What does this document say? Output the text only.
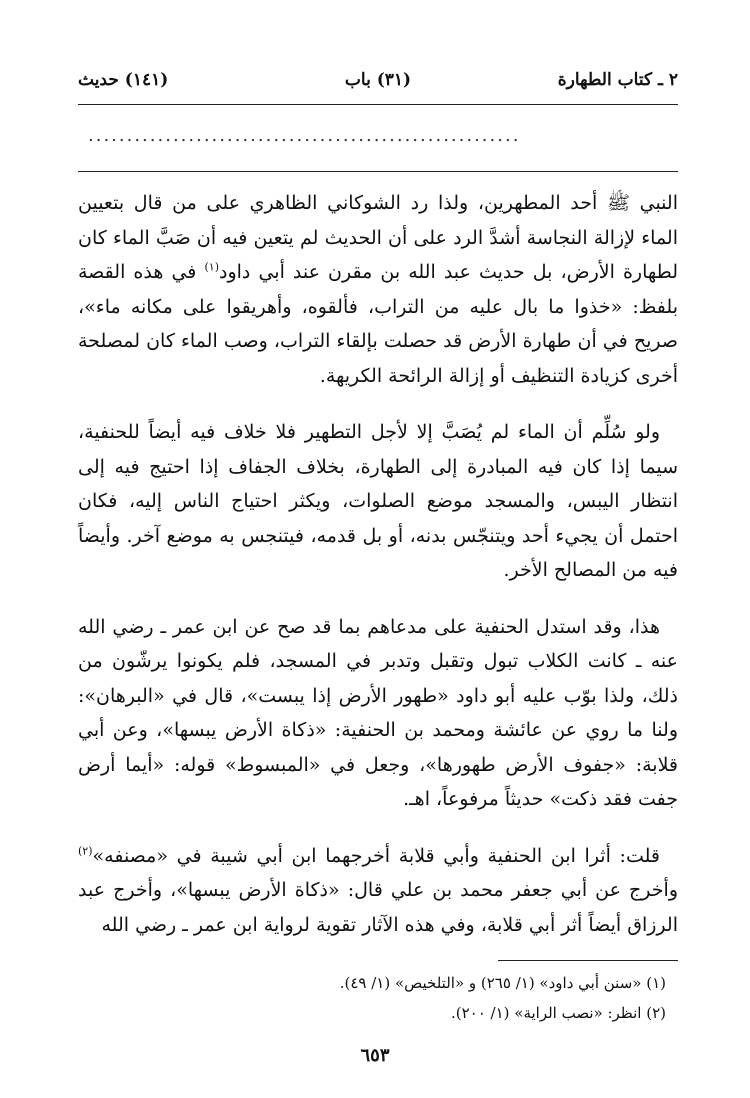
٢ ـ كتاب الطهارة
(٣١) باب
(١٤١) حديث
........................................................

النبي ﷺ أحد المطهرين، ولذا رد الشوكاني الظاهري على من قال بتعيين الماء لإزالة النجاسة أشدَّ الرد على أن الحديث لم يتعين فيه أن صَبَّ الماء كان لطهارة الأرض، بل حديث عبد الله بن مقرن عند أبي داود$^{(١)}$ في هذه القصة بلفظ: «خذوا ما بال عليه من التراب، فألقوه، وأهريقوا على مكانه ماء»، صريح في أن طهارة الأرض قد حصلت بإلقاء التراب، وصب الماء كان لمصلحة أخرى كزيادة التنظيف أو إزالة الرائحة الكريهة.

ولو سُلِّم أن الماء لم يُصَبَّ إلا لأجل التطهير فلا خلاف فيه أيضاً للحنفية، سيما إذا كان فيه المبادرة إلى الطهارة، بخلاف الجفاف إذا احتيج فيه إلى انتظار اليبس، والمسجد موضع الصلوات، ويكثر احتياج الناس إليه، فكان احتمل أن يجيء أحد ويتنجّس بدنه، أو بل قدمه، فيتنجس به موضع آخر. وأيضاً فيه من المصالح الأخر.

هذا، وقد استدل الحنفية على مدعاهم بما قد صح عن ابن عمر ـ رضي الله عنه ـ كانت الكلاب تبول وتقبل وتدبر في المسجد، فلم يكونوا يرشّون من ذلك، ولذا بوّب عليه أبو داود «طهور الأرض إذا يبست»، قال في «البرهان»: ولنا ما روي عن عائشة ومحمد بن الحنفية: «ذكاة الأرض يبسها»، وعن أبي قلابة: «جفوف الأرض طهورها»، وجعل في «المبسوط» قوله: «أيما أرض جفت فقد ذكت» حديثاً مرفوعاً، اهـ.

قلت: أثرا ابن الحنفية وأبي قلابة أخرجهما ابن أبي شيبة في «مصنفه»$^{(٢)}$ وأخرج عن أبي جعفر محمد بن علي قال: «ذكاة الأرض يبسها»، وأخرج عبد الرزاق أيضاً أثر أبي قلابة، وفي هذه الآثار تقوية لرواية ابن عمر ـ رضي الله

(١) «سنن أبي داود» (١/ ٢٦٥) و «التلخيص» (١/ ٤٩).
(٢) انظر: «نصب الراية» (١/ ٢٠٠).
٦٥٣
